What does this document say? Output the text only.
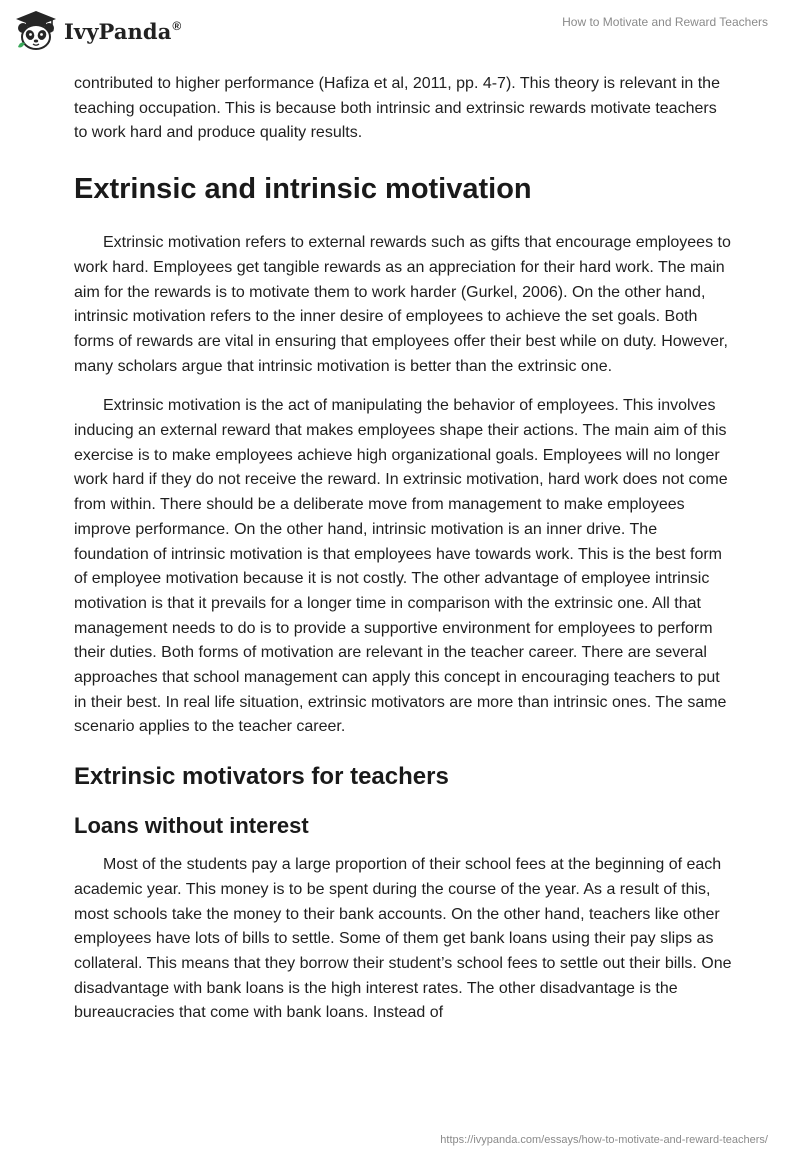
IvyPanda®	How to Motivate and Reward Teachers

contributed to higher performance (Hafiza et al, 2011, pp. 4-7). This theory is relevant in the teaching occupation. This is because both intrinsic and extrinsic rewards motivate teachers to work hard and produce quality results.

Extrinsic and intrinsic motivation

Extrinsic motivation refers to external rewards such as gifts that encourage employees to work hard. Employees get tangible rewards as an appreciation for their hard work. The main aim for the rewards is to motivate them to work harder (Gurkel, 2006). On the other hand, intrinsic motivation refers to the inner desire of employees to achieve the set goals. Both forms of rewards are vital in ensuring that employees offer their best while on duty. However, many scholars argue that intrinsic motivation is better than the extrinsic one.

Extrinsic motivation is the act of manipulating the behavior of employees. This involves inducing an external reward that makes employees shape their actions. The main aim of this exercise is to make employees achieve high organizational goals. Employees will no longer work hard if they do not receive the reward. In extrinsic motivation, hard work does not come from within. There should be a deliberate move from management to make employees improve performance. On the other hand, intrinsic motivation is an inner drive. The foundation of intrinsic motivation is that employees have towards work. This is the best form of employee motivation because it is not costly. The other advantage of employee intrinsic motivation is that it prevails for a longer time in comparison with the extrinsic one. All that management needs to do is to provide a supportive environment for employees to perform their duties. Both forms of motivation are relevant in the teacher career. There are several approaches that school management can apply this concept in encouraging teachers to put in their best. In real life situation, extrinsic motivators are more than intrinsic ones. The same scenario applies to the teacher career.

Extrinsic motivators for teachers
Loans without interest

Most of the students pay a large proportion of their school fees at the beginning of each academic year. This money is to be spent during the course of the year. As a result of this, most schools take the money to their bank accounts. On the other hand, teachers like other employees have lots of bills to settle. Some of them get bank loans using their pay slips as collateral. This means that they borrow their student’s school fees to settle out their bills. One disadvantage with bank loans is the high interest rates. The other disadvantage is the bureaucracies that come with bank loans. Instead of

https://ivypanda.com/essays/how-to-motivate-and-reward-teachers/
